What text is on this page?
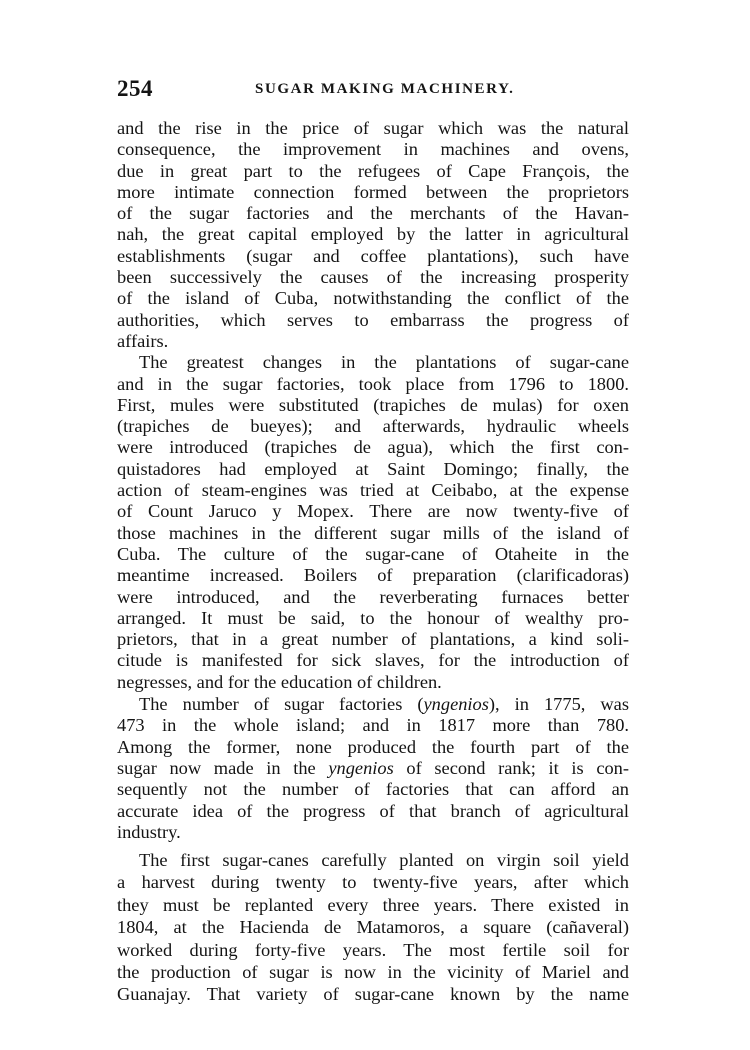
254	SUGAR MAKING MACHINERY.
and the rise in the price of sugar which was the natural
consequence, the improvement in machines and ovens,
due in great part to the refugees of Cape François, the
more intimate connection formed between the proprietors
of the sugar factories and the merchants of the Havan-
nah, the great capital employed by the latter in agricultural
establishments (sugar and coffee plantations), such have
been successively the causes of the increasing prosperity
of the island of Cuba, notwithstanding the conflict of the
authorities, which serves to embarrass the progress of
affairs.
The greatest changes in the plantations of sugar-cane
and in the sugar factories, took place from 1796 to 1800.
First, mules were substituted (trapiches de mulas) for oxen
(trapiches de bueyes); and afterwards, hydraulic wheels
were introduced (trapiches de agua), which the first con-
quistadores had employed at Saint Domingo; finally, the
action of steam-engines was tried at Ceibabo, at the expense
of Count Jaruco y Mopex. There are now twenty-five of
those machines in the different sugar mills of the island of
Cuba. The culture of the sugar-cane of Otaheite in the
meantime increased. Boilers of preparation (clarificadoras)
were introduced, and the reverberating furnaces better
arranged. It must be said, to the honour of wealthy pro-
prietors, that in a great number of plantations, a kind soli-
citude is manifested for sick slaves, for the introduction of
negresses, and for the education of children.
The number of sugar factories (yngenios), in 1775, was
473 in the whole island; and in 1817 more than 780.
Among the former, none produced the fourth part of the
sugar now made in the yngenios of second rank; it is con-
sequently not the number of factories that can afford an
accurate idea of the progress of that branch of agricultural
industry.
The first sugar-canes carefully planted on virgin soil yield
a harvest during twenty to twenty-five years, after which
they must be replanted every three years. There existed in
1804, at the Hacienda de Matamoros, a square (cañaveral)
worked during forty-five years. The most fertile soil for
the production of sugar is now in the vicinity of Mariel and
Guanajay. That variety of sugar-cane known by the name
